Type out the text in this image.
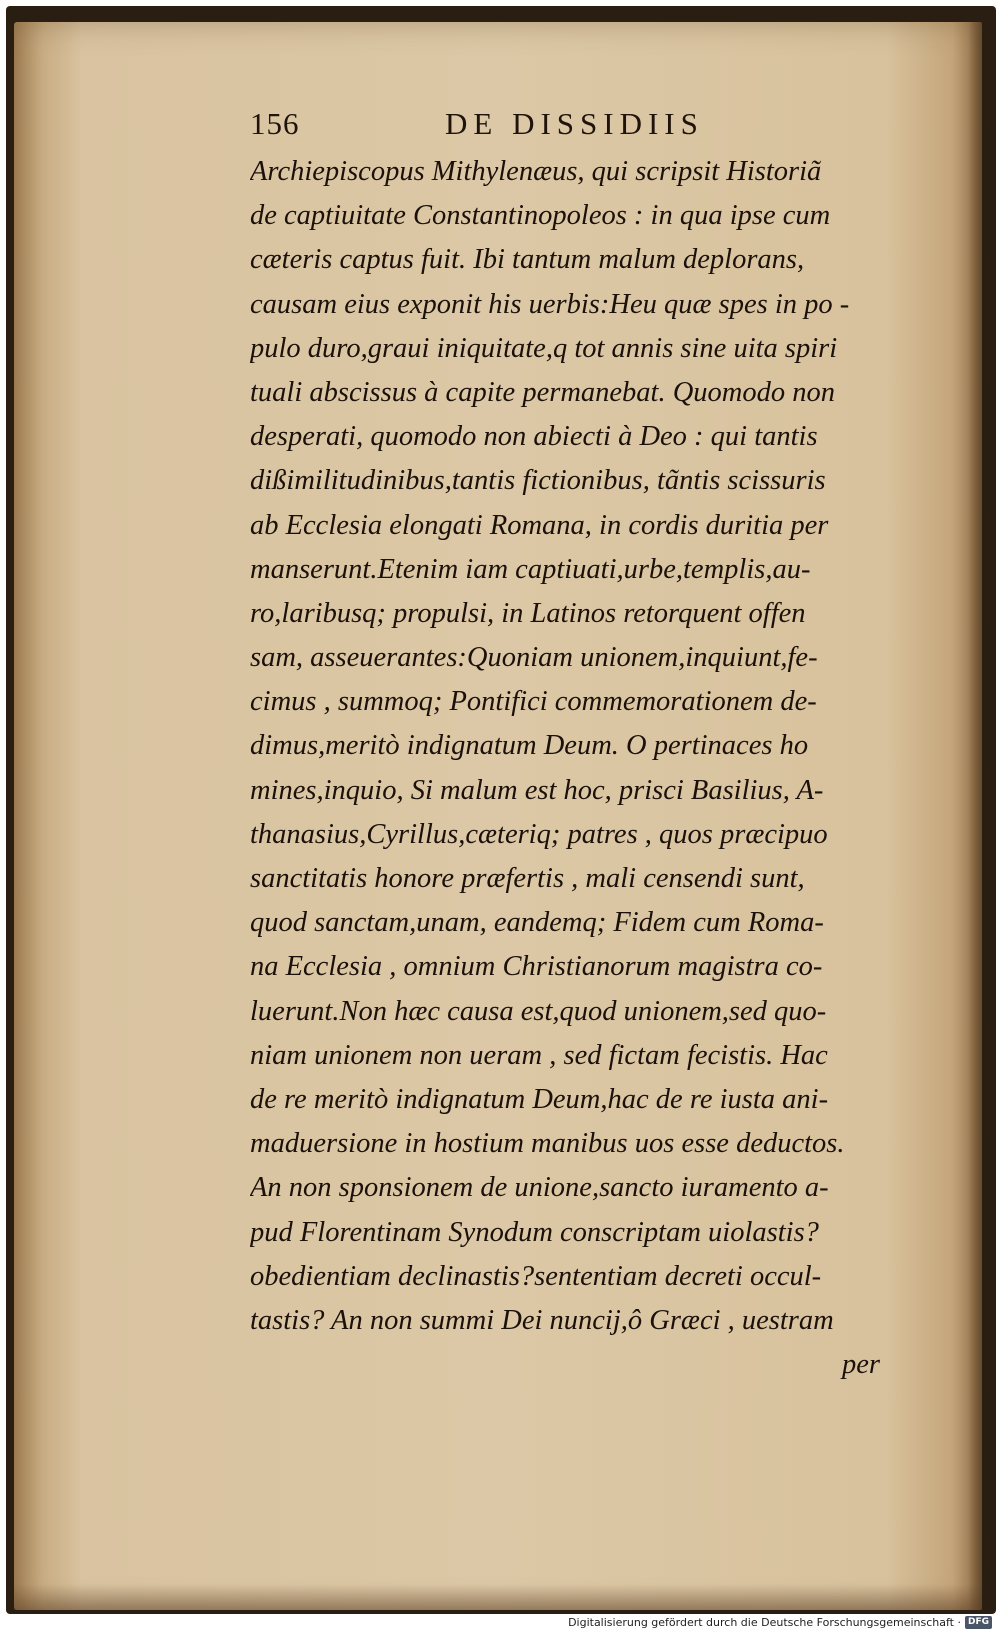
156	DE DISSIDIIS
Archiepiscopus Mithylenæus, qui scripsit Historiã
de captiuitate Constantinopoleos : in qua ipse cum
cæteris captus fuit. Ibi tantum malum deplorans,
causam eius exponit his uerbis:Heu quæ spes in po -
pulo duro,graui iniquitate,q tot annis sine uita spiri
tuali abscissus à capite permanebat. Quomodo non
desperati, quomodo non abiecti à Deo : qui tantis
dißimilitudinibus,tantis fictionibus, tãntis scissuris
ab Ecclesia elongati Romana, in cordis duritia per
manserunt.Etenim iam captiuati,urbe,templis,au-
ro,laribusq; propulsi, in Latinos retorquent offen
sam, asseuerantes:Quoniam unionem,inquiunt,fe-
cimus , summoq; Pontifici commemorationem de-
dimus,meritò indignatum Deum. O pertinaces ho
mines,inquio, Si malum est hoc, prisci Basilius, A-
thanasius,Cyrillus,cæteriq; patres , quos præcipuo
sanctitatis honore præfertis , mali censendi sunt,
quod sanctam,unam, eandemq; Fidem cum Roma-
na Ecclesia , omnium Christianorum magistra co-
luerunt.Non hæc causa est,quod unionem,sed quo-
niam unionem non ueram , sed fictam fecistis. Hac
de re meritò indignatum Deum,hac de re iusta ani-
maduersione in hostium manibus uos esse deductos.
An non sponsionem de unione,sancto iuramento a-
pud Florentinam Synodum conscriptam uiolastis?
obedientiam declinastis?sententiam decreti occul-
tastis? An non summi Dei nuncij,ô Græci , uestram
per
Digitalisierung gefördert durch die Deutsche Forschungsgemeinschaft · DFG
